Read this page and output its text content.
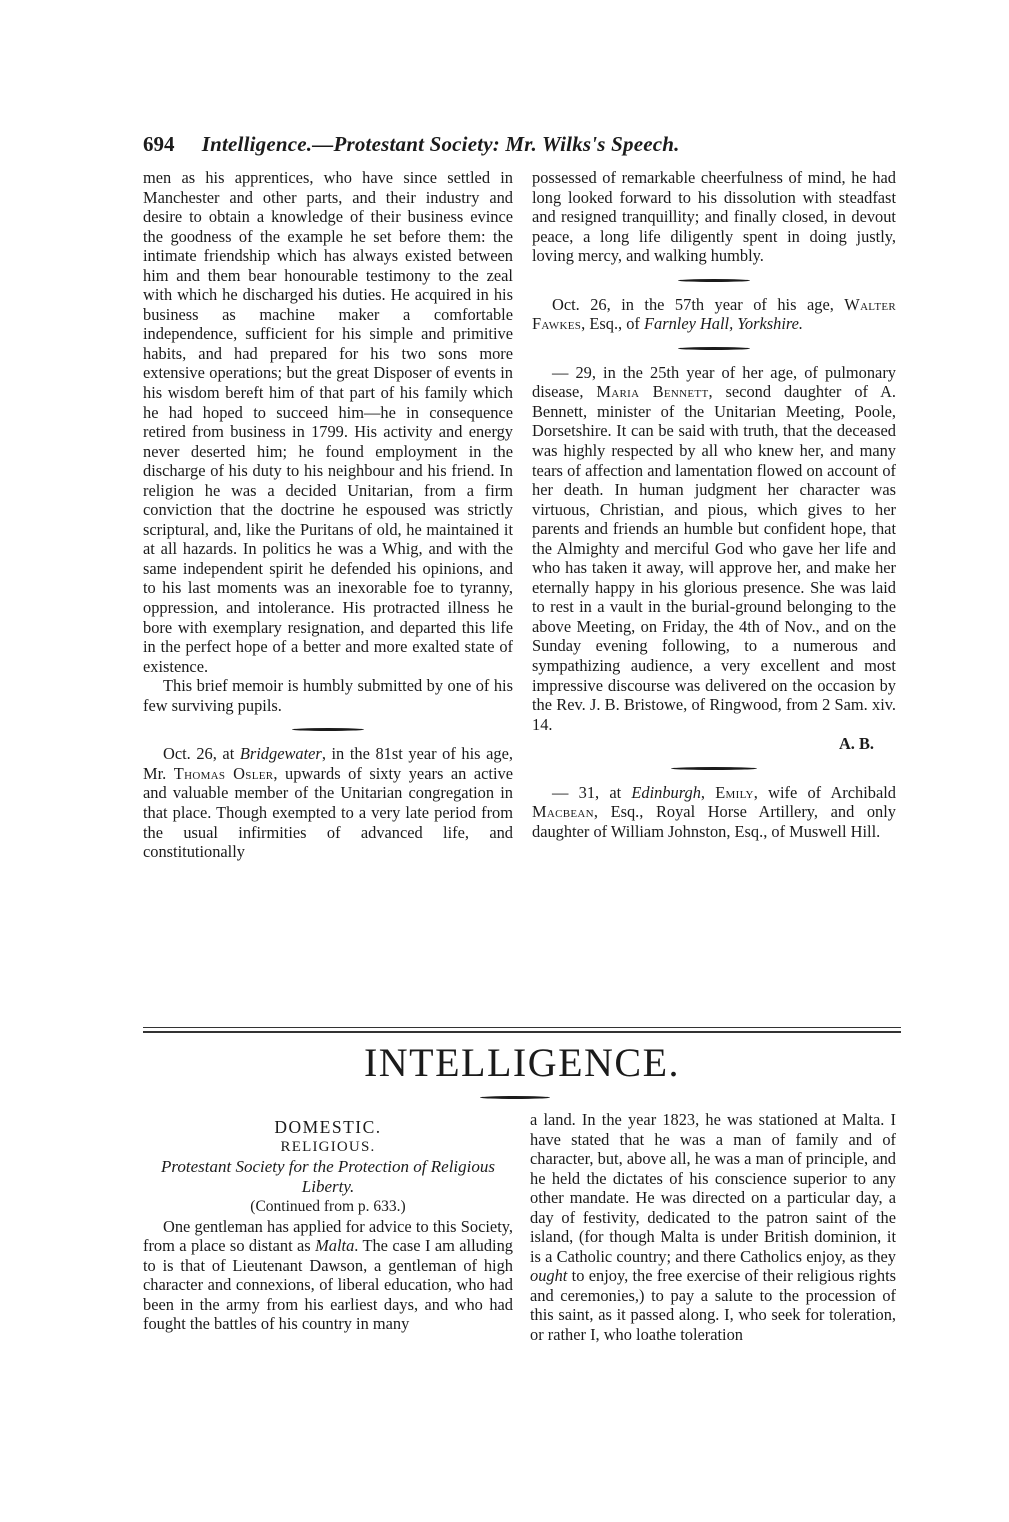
694 Intelligence.—Protestant Society: Mr. Wilks's Speech.

men as his apprentices, who have since settled in Manchester and other parts, and their industry and desire to obtain a knowledge of their business evince the goodness of the example he set before them: the intimate friendship which has always existed between him and them bear honourable testimony to the zeal with which he discharged his duties. He acquired in his business as machine maker a comfortable independence, sufficient for his simple and primitive habits, and had prepared for his two sons more extensive operations; but the great Disposer of events in his wisdom bereft him of that part of his family which he had hoped to succeed him—he in consequence retired from business in 1799. His activity and energy never deserted him; he found employment in the discharge of his duty to his neighbour and his friend. In religion he was a decided Unitarian, from a firm conviction that the doctrine he espoused was strictly scriptural, and, like the Puritans of old, he maintained it at all hazards. In politics he was a Whig, and with the same independent spirit he defended his opinions, and to his last moments was an inexorable foe to tyranny, oppression, and intolerance. His protracted illness he bore with exemplary resignation, and departed this life in the perfect hope of a better and more exalted state of existence.

This brief memoir is humbly submitted by one of his few surviving pupils.

Oct. 26, at Bridgewater, in the 81st year of his age, Mr. Thomas Osler, upwards of sixty years an active and valuable member of the Unitarian congregation in that place. Though exempted to a very late period from the usual infirmities of advanced life, and constitutionally

possessed of remarkable cheerfulness of mind, he had long looked forward to his dissolution with steadfast and resigned tranquillity; and finally closed, in devout peace, a long life diligently spent in doing justly, loving mercy, and walking humbly.

Oct. 26, in the 57th year of his age, Walter Fawkes, Esq., of Farnley Hall, Yorkshire.

— 29, in the 25th year of her age, of pulmonary disease, Maria Bennett, second daughter of A. Bennett, minister of the Unitarian Meeting, Poole, Dorsetshire. It can be said with truth, that the deceased was highly respected by all who knew her, and many tears of affection and lamentation flowed on account of her death. In human judgment her character was virtuous, Christian, and pious, which gives to her parents and friends an humble but confident hope, that the Almighty and merciful God who gave her life and who has taken it away, will approve her, and make her eternally happy in his glorious presence. She was laid to rest in a vault in the burial-ground belonging to the above Meeting, on Friday, the 4th of Nov., and on the Sunday evening following, to a numerous and sympathizing audience, a very excellent and most impressive discourse was delivered on the occasion by the Rev. J. B. Bristowe, of Ringwood, from 2 Sam. xiv. 14.

A. B.

— 31, at Edinburgh, Emily, wife of Archibald Macbean, Esq., Royal Horse Artillery, and only daughter of William Johnston, Esq., of Muswell Hill.

INTELLIGENCE.

DOMESTIC.

RELIGIOUS.

Protestant Society for the Protection of Religious Liberty.

(Continued from p. 633.)

One gentleman has applied for advice to this Society, from a place so distant as Malta. The case I am alluding to is that of Lieutenant Dawson, a gentleman of high character and connexions, of liberal education, who had been in the army from his earliest days, and who had fought the battles of his country in many

a land. In the year 1823, he was stationed at Malta. I have stated that he was a man of family and of character, but, above all, he was a man of principle, and he held the dictates of his conscience superior to any other mandate. He was directed on a particular day, a day of festivity, dedicated to the patron saint of the island, (for though Malta is under British dominion, it is a Catholic country; and there Catholics enjoy, as they ought to enjoy, the free exercise of their religious rights and ceremonies,) to pay a salute to the procession of this saint, as it passed along. I, who seek for toleration, or rather I, who loathe toleration
